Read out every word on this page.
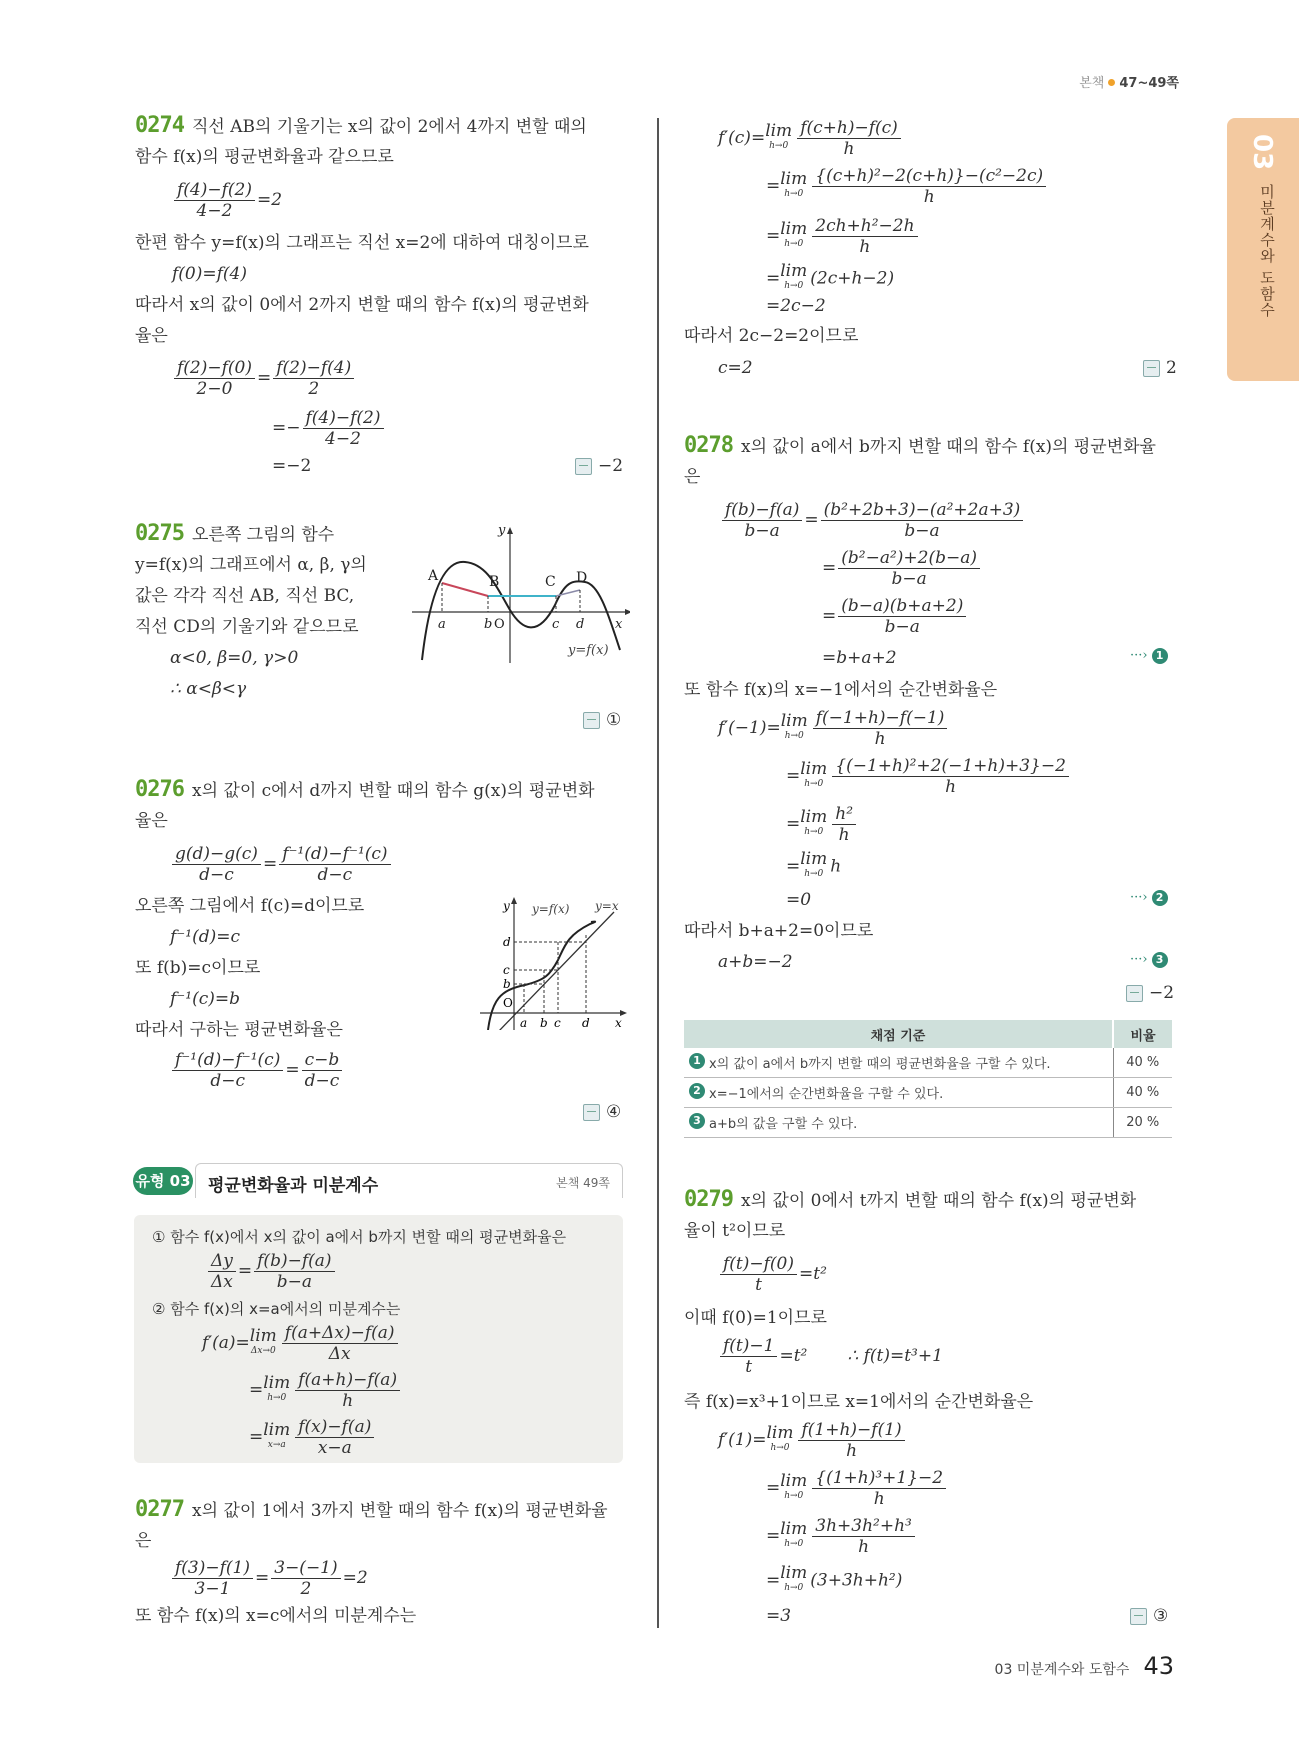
본책 47~49쪽
03
미분계수와 도함수
0274 직선 AB의 기울기는 x의 값이 2에서 4까지 변할 때의
함수 f(x)의 평균변화율과 같으므로
$\frac{f(4)-f(2)}{4-2} =2$
한편 함수 y=f(x)의 그래프는 직선 x=2에 대하여 대칭이므로
f(0)=f(4)
따라서 x의 값이 0에서 2까지 변할 때의 함수 f(x)의 평균변화
율은
$\frac{f(2)-f(0)}{2-0} = \frac{f(2)-f(4)}{2}$
=− $\frac{f(4)-f(2)}{4-2}$
=−2	−2
0275 오른쪽 그림의 함수
y=f(x)의 그래프에서 α, β, γ의
값은 각각 직선 AB, 직선 BC,
직선 CD의 기울기와 같으므로
α<0, β=0, γ>0
∴ α<β<γ
A	B	C D
a	b O	c d x
y
y=f(x)
①
0276 x의 값이 c에서 d까지 변할 때의 함수 g(x)의 평균변화
율은
$\frac{g(d)-g(c)}{d-c} = \frac{\text{f⁻¹(d)−f⁻¹(c)}}{d-c}$
오른쪽 그림에서 f(c)=d이므로
f⁻¹(d)=c
또 f(b)=c이므로
f⁻¹(c)=b
따라서 구하는 평균변화율은
$\frac{\text{f⁻¹(d)−f⁻¹(c)}}{d-c} = \frac{c-b}{d-c}$
d
c
b
O
a b c d x
y y=f(x) y=x
④
유형 03 평균변화율과 미분계수	본책 49쪽
① 함수 f(x)에서 x의 값이 a에서 b까지 변할 때의 평균변화율은
$\frac{\Delta y}{\Delta x} = \frac{f(b)-f(a)}{b-a}$
② 함수 f(x)의 x=a에서의 미분계수는
f′(a)= lim
$\Delta x\to 0 \frac{f(a+\Delta x)-f(a)}{\Delta x}$
= lim
$h\to 0 \frac{f(a+h)-f(a)}{h}$
= lim
$x\to a \frac{f(x)-f(a)}{x-a}$
0277 x의 값이 1에서 3까지 변할 때의 함수 f(x)의 평균변화율
은
$\frac{f(3)-f(1)}{3-1} = \frac{3-(-1)}{2} =2$
또 함수 f(x)의 x=c에서의 미분계수는
f′(c)= lim
$h\to 0 \frac{f(c+h)-f(c)}{h}$
= lim
$h\to 0 \frac{\text{\{(c+h)²−2(c+h)\}−(c²−2c)}}{h}$
= lim
$h\to 0 \frac{\text{2ch+h²−2h}}{h}$
= lim
h→0 (2c+h−2)
=2c−2
따라서 2c−2=2이므로
c=2	2
0278 x의 값이 a에서 b까지 변할 때의 함수 f(x)의 평균변화율
은
$\frac{f(b)-f(a)}{b-a} = \frac{\text{(b²+2b+3)−(a²+2a+3)}}{b-a}$
= $\frac{\text{(b²−a²)+2(b−a)}}{b-a}$
= $\frac{(b-a)(b+a+2)}{b-a}$
=b+a+2	···› 1
또 함수 f(x)의 x=−1에서의 순간변화율은
f′(−1)= lim
$h\to 0 \frac{f(-1+h)-f(-1)}{h}$
= lim
$h\to 0 \frac{\text{\{(−1+h)²+2(−1+h)+3\}−2}}{h}$
= lim
$h\to 0 \frac{\text{h²}}{h}$
= lim
h→0 h
=0	···› 2
따라서 b+a+2=0이므로
a+b=−2	···› 3
−2
채점 기준	비율

1 x의 값이 a에서 b까지 변할 때의 평균변화율을 구할 수 있다.	40 %

2 x=−1에서의 순간변화율을 구할 수 있다.	40 %

3 a+b의 값을 구할 수 있다.	20 %
0279 x의 값이 0에서 t까지 변할 때의 함수 f(x)의 평균변화
율이 t²이므로
$\frac{f(t)-f(0)}{t} =t^2$
이때 f(0)=1이므로
$\frac{f(t)-1}{t} =t^2$ ∴ f(t)=t³+1
즉 f(x)=x³+1이므로 x=1에서의 순간변화율은
f′(1)= lim
$h\to 0 \frac{f(1+h)-f(1)}{h}$
= lim
$h\to 0 \frac{\text{\{(1+h)³+1\}−2}}{h}$
= lim
$h\to 0 \frac{\text{3h+3h²+h³}}{h}$
= lim
h→0 (3+3h+h²)
=3	③
03 미분계수와 도함수 43
